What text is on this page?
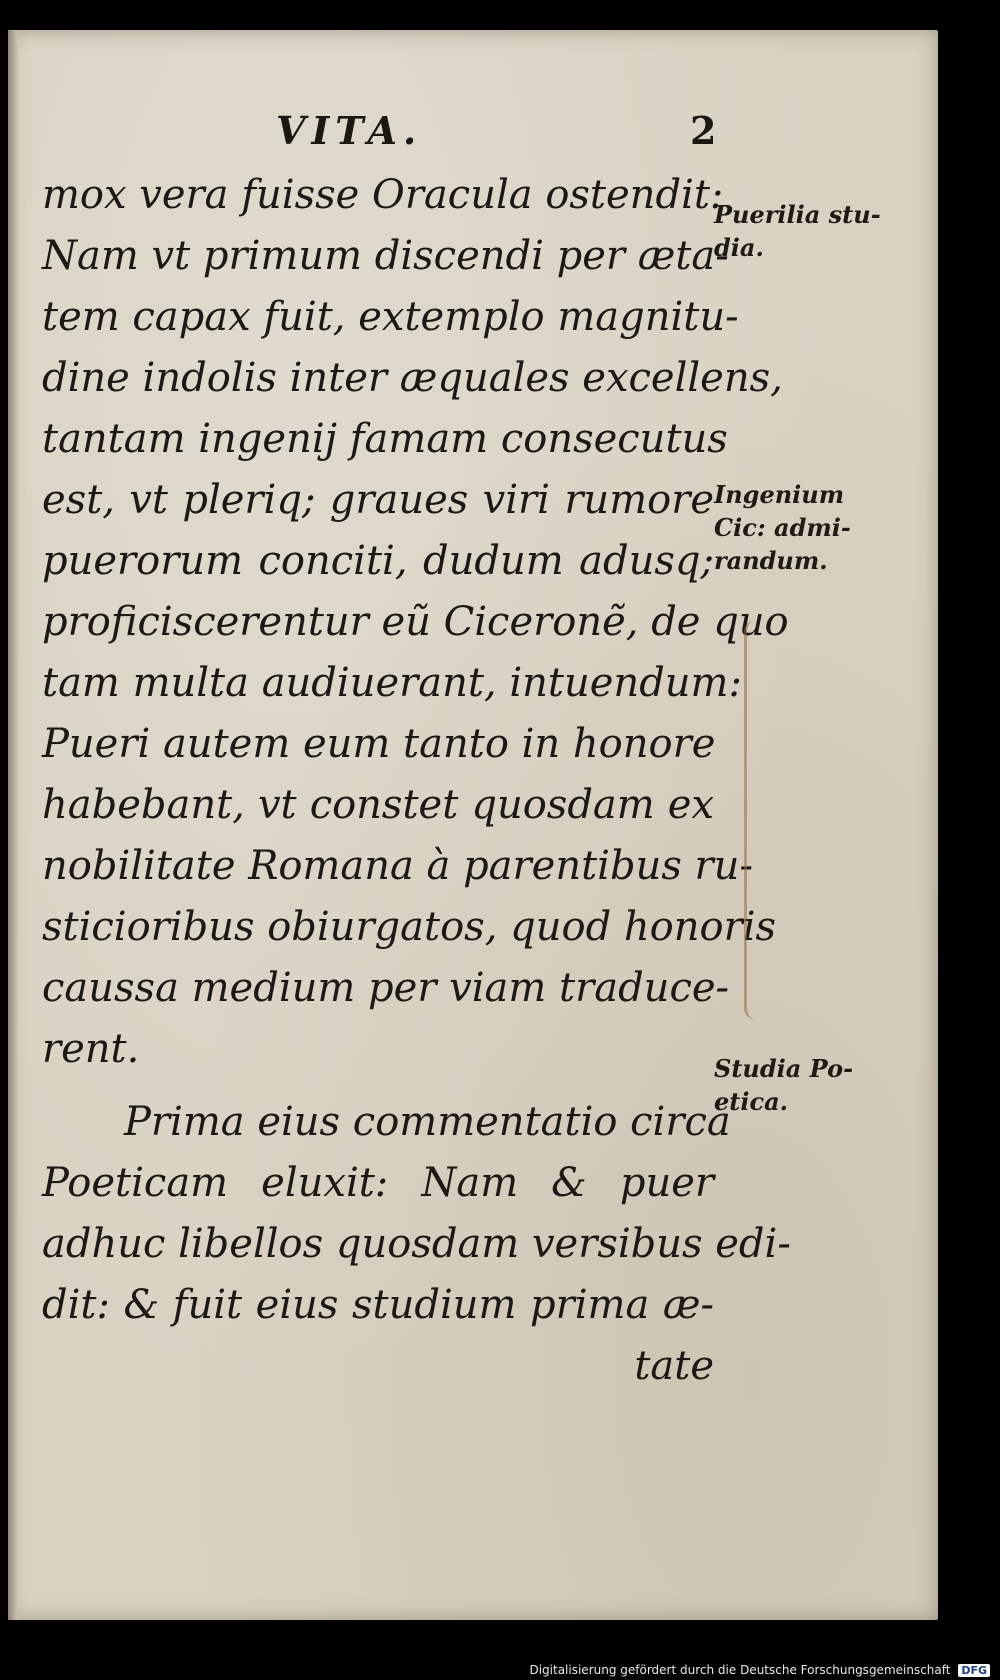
VITA.	2
mox vera fuisse Oracula ostendit:
Nam vt primum discendi per æta-
tem capax fuit, extemplo magnitu-
dine indolis inter æquales excellens,
tantam ingenij famam consecutus
est, vt pleriq; graues viri rumore
puerorum conciti, dudum adusq;
proficiscerentur eũ Ciceronẽ, de quo
tam multa audiuerant, intuendum:
Pueri autem eum tanto in honore
habebant, vt constet quosdam ex
nobilitate Romana à parentibus ru-
sticioribus obiurgatos, quod honoris
caussa medium per viam traduce-
rent.
Prima eius commentatio circa
Poeticam eluxit: Nam & puer
adhuc libellos quosdam versibus edi-
dit: & fuit eius studium prima æ-
tate
Puerilia stu-
dia.
Ingenium
Cic: admi-
randum.
Studia Po-
etica.
Digitalisierung gefördert durch die Deutsche Forschungsgemeinschaft DFG
